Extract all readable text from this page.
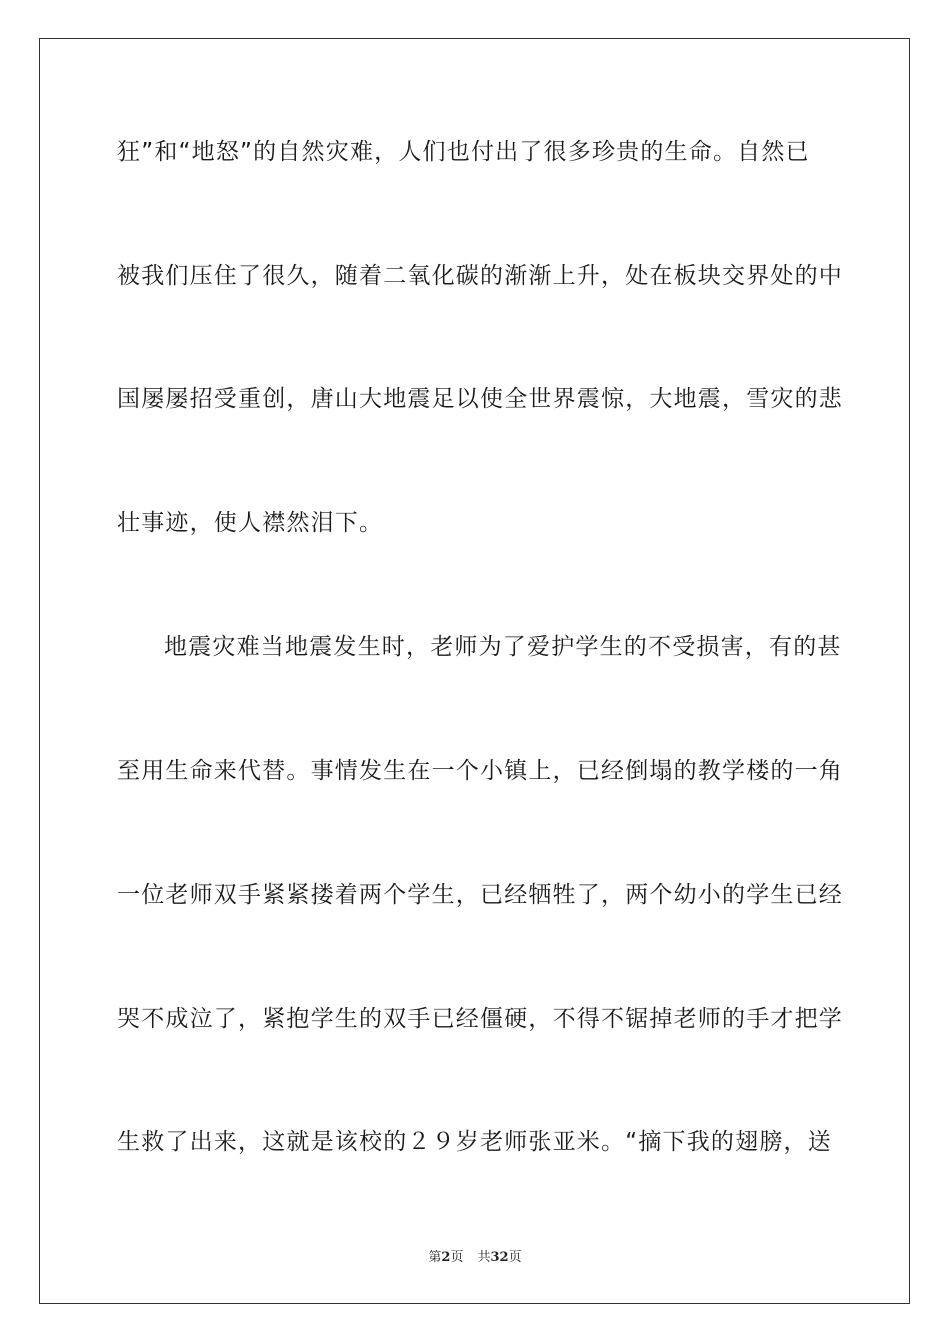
狂”和“地怒”的自然灾难，人们也付出了很多珍贵的生命。自然已
被我们压住了很久，随着二氧化碳的渐渐上升，处在板块交界处的中
国屡屡招受重创，唐山大地震足以使全世界震惊，大地震，雪灾的悲
壮事迹，使人襟然泪下。
地震灾难当地震发生时，老师为了爱护学生的不受损害，有的甚
至用生命来代替。事情发生在一个小镇上，已经倒塌的教学楼的一角
一位老师双手紧紧搂着两个学生，已经牺牲了，两个幼小的学生已经
哭不成泣了，紧抱学生的双手已经僵硬，不得不锯掉老师的手才把学
生救了出来，这就是该校的２９岁老师张亚米。“摘下我的翅膀，送
第2页 共32页
